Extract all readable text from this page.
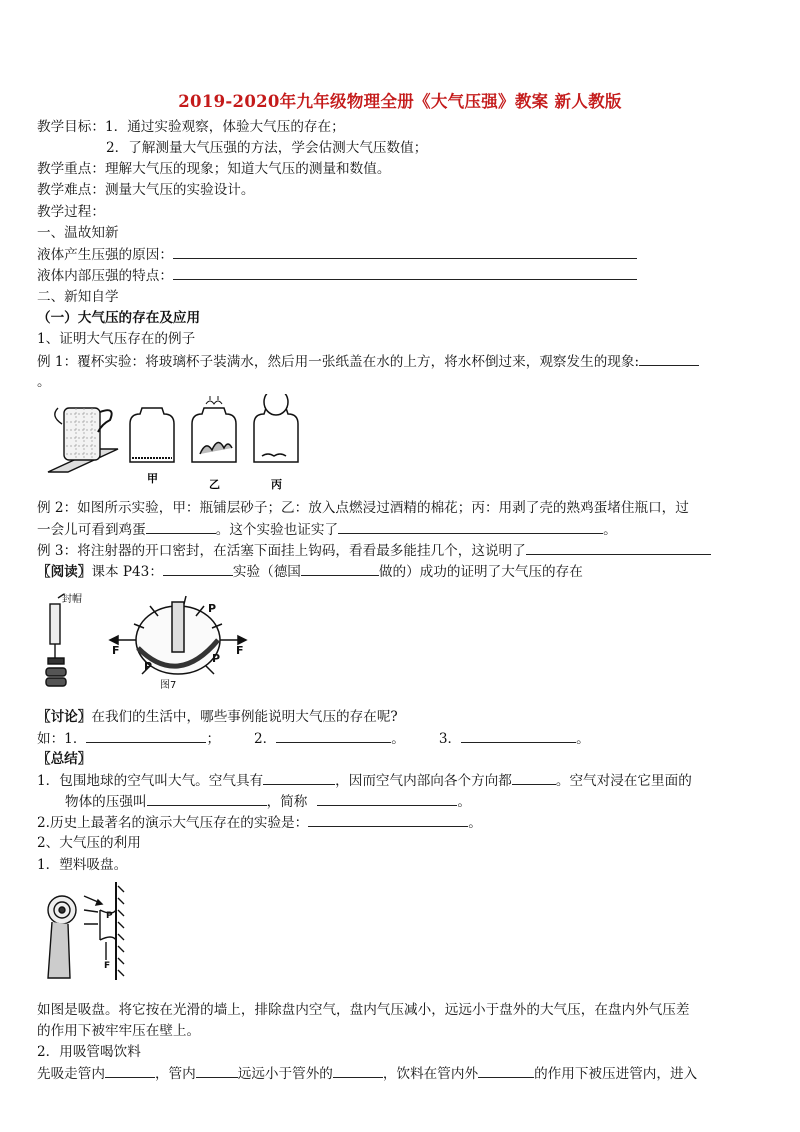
2019-2020年九年级物理全册《大气压强》教案 新人教版
教学目标：1．通过实验观察，体验大气压的存在；
2．了解测量大气压强的方法，学会估测大气压数值；
教学重点：理解大气压的现象；知道大气压的测量和数值。
教学难点：测量大气压的实验设计。
教学过程：
一、温故知新
液体产生压强的原因：
液体内部压强的特点：
二、新知自学
（一）大气压的存在及应用
1、证明大气压存在的例子
例 1：覆杯实验：将玻璃杯子装满水，然后用一张纸盖在水的上方，将水杯倒过来，观察发生的现象:
。
甲	乙	丙
例 2：如图所示实验，甲：瓶铺层砂子；乙：放入点燃浸过酒精的棉花；丙：用剥了壳的熟鸡蛋堵住瓶口，过
一会儿可看到鸡蛋	。这个实验也证实了	。
例 3：将注射器的开口密封，在活塞下面挂上钩码，看看最多能挂几个，这说明了
〖阅读〗课本 P43：	实验（德国	做的）成功的证明了大气压的存在
封帽
P
P
P
F	F
图7
〖讨论〗在我们的生活中，哪些事例能说明大气压的存在呢?
如：1．	；	2．	。	3．	。
〖总结〗
1．包围地球的空气叫大气。空气具有	，因而空气内部向各个方向都	。空气对浸在它里面的
物体的压强叫	，简称	。
2.历史上最著名的演示大气压存在的实验是：	。
2、大气压的利用
1．塑料吸盘。
P
F
如图是吸盘。将它按在光滑的墙上，排除盘内空气，盘内气压减小，远远小于盘外的大气压，在盘内外气压差
的作用下被牢牢压在壁上。
2．用吸管喝饮料
先吸走管内	，管内	远远小于管外的	，饮料在管内外	的作用下被压进管内，进入
